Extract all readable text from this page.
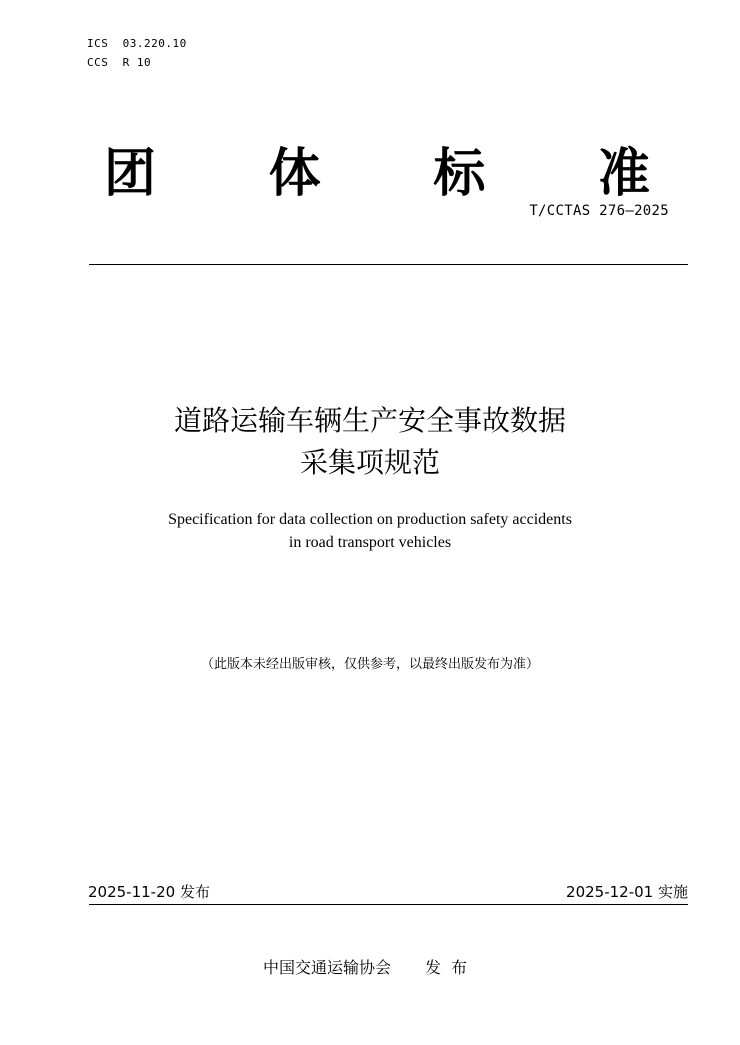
ICS  03.220.10
CCS  R 10
团 体 标 准
T/CCTAS 276—2025
道路运输车辆生产安全事故数据
采集项规范
Specification for data collection on production safety accidents
in road transport vehicles
（此版本未经出版审核，仅供参考，以最终出版发布为准）
2025-11-20 发布	2025-12-01 实施
中国交通运输协会 发布
